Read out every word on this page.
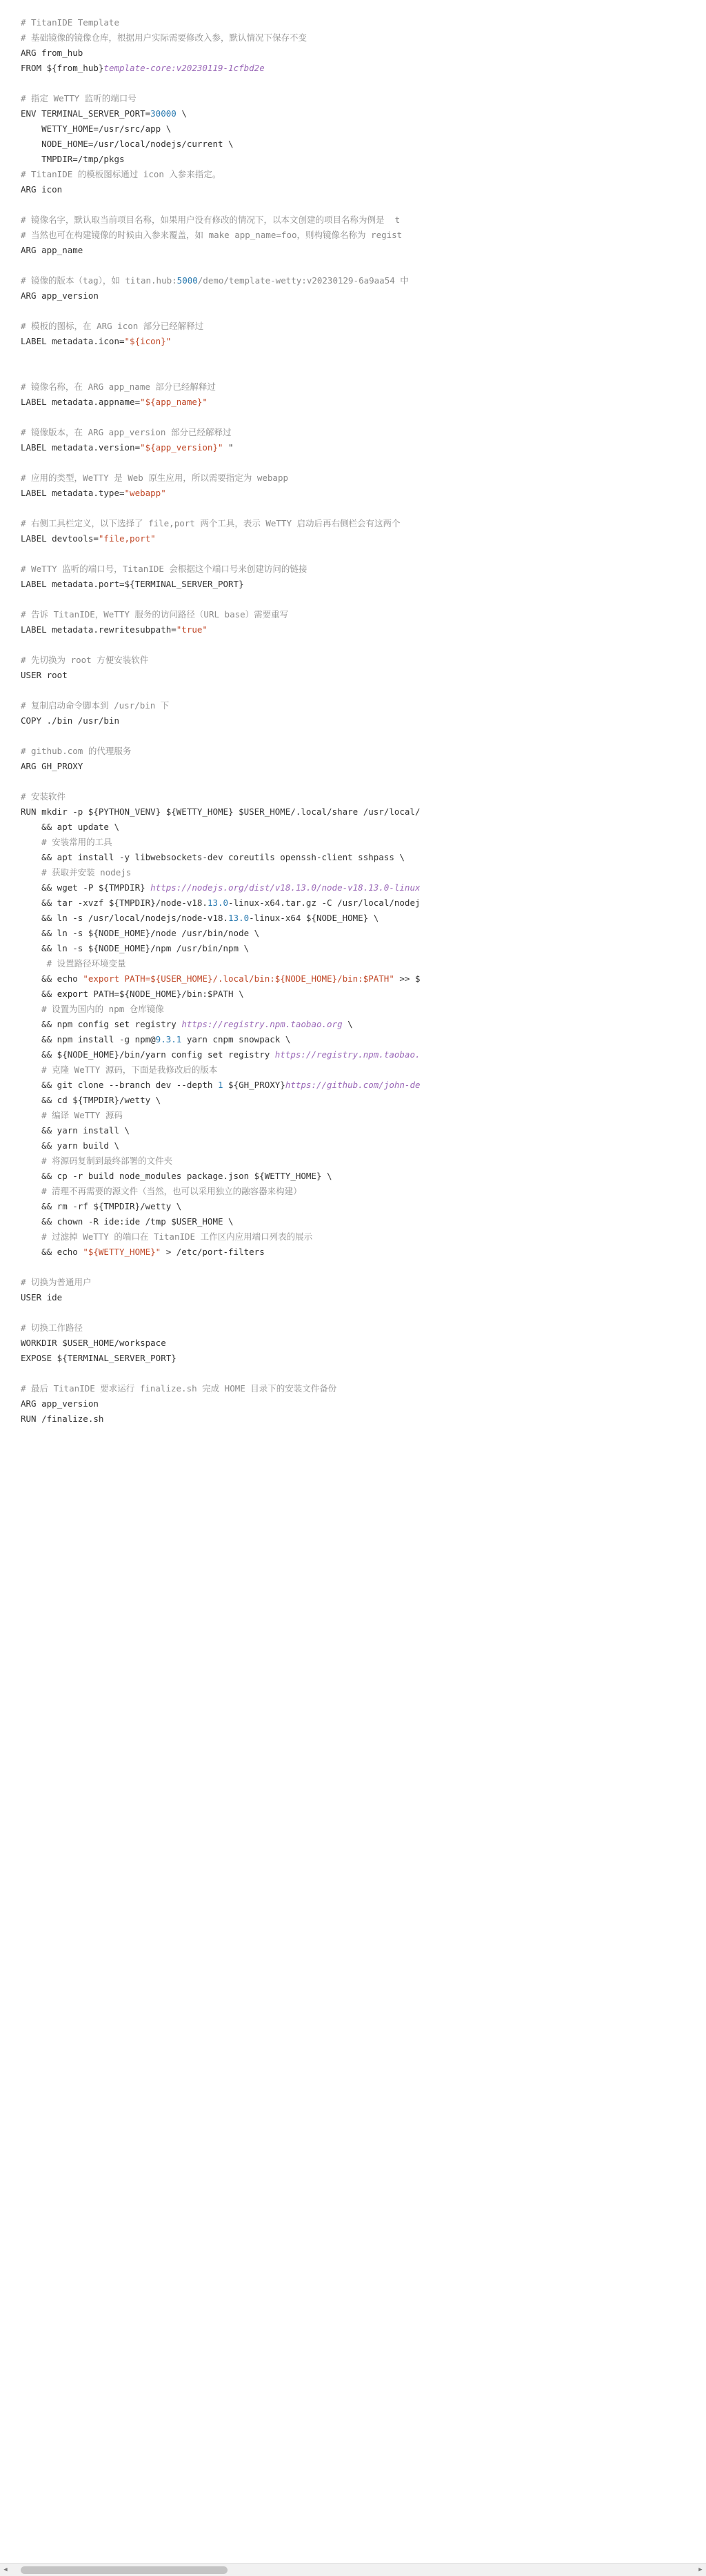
# TitanIDE Template
# 基础镜像的镜像仓库，根据用户实际需要修改入参，默认情况下保存不变
ARG from_hub
FROM ${from_hub}template-core:v20230119-1cfbd2e

# 指定 WeTTY 监听的端口号
ENV TERMINAL_SERVER_PORT=30000 \
WETTY_HOME=/usr/src/app \
NODE_HOME=/usr/local/nodejs/current \
TMPDIR=/tmp/pkgs
# TitanIDE 的模板图标通过 icon 入参来指定。
ARG icon

# 镜像名字，默认取当前项目名称，如果用户没有修改的情况下，以本文创建的项目名称为例是  t
# 当然也可在构建镜像的时候由入参来覆盖，如 make app_name=foo，则构镜像名称为 regist
ARG app_name

# 镜像的版本（tag），如 titan.hub:5000/demo/template-wetty:v20230129-6a9aa54 中
ARG app_version

# 模板的图标，在 ARG icon 部分已经解释过
LABEL metadata.icon="${icon}"

# 镜像名称，在 ARG app_name 部分已经解释过
LABEL metadata.appname="${app_name}"

# 镜像版本，在 ARG app_version 部分已经解释过
LABEL metadata.version="${app_version}" "

# 应用的类型，WeTTY 是 Web 原生应用，所以需要指定为 webapp
LABEL metadata.type="webapp"

# 右侧工具栏定义，以下选择了 file,port 两个工具，表示 WeTTY 启动后再右侧栏会有这两个
LABEL devtools="file,port"

# WeTTY 监听的端口号，TitanIDE 会根据这个端口号来创建访问的链接
LABEL metadata.port=${TERMINAL_SERVER_PORT}

# 告诉 TitanIDE，WeTTY 服务的访问路径（URL base）需要重写
LABEL metadata.rewritesubpath="true"

# 先切换为 root 方便安装软件
USER root

# 复制启动命令脚本到 /usr/bin 下
COPY ./bin /usr/bin

# github.com 的代理服务
ARG GH_PROXY

# 安装软件
RUN mkdir -p ${PYTHON_VENV} ${WETTY_HOME} $USER_HOME/.local/share /usr/local/
&& apt update \
# 安装常用的工具
&& apt install -y libwebsockets-dev coreutils openssh-client sshpass \
# 获取并安装 nodejs
&& wget -P ${TMPDIR} https://nodejs.org/dist/v18.13.0/node-v18.13.0-linux
&& tar -xvzf ${TMPDIR}/node-v18.13.0-linux-x64.tar.gz -C /usr/local/nodej
&& ln -s /usr/local/nodejs/node-v18.13.0-linux-x64 ${NODE_HOME} \
&& ln -s ${NODE_HOME}/node /usr/bin/node \
&& ln -s ${NODE_HOME}/npm /usr/bin/npm \
# 设置路径环境变量
&& echo "export PATH=${USER_HOME}/.local/bin:${NODE_HOME}/bin:$PATH" >> $
&& export PATH=${NODE_HOME}/bin:$PATH \
# 设置为国内的 npm 仓库镜像
&& npm config set registry https://registry.npm.taobao.org \
&& npm install -g npm@9.3.1 yarn cnpm snowpack \
&& ${NODE_HOME}/bin/yarn config set registry https://registry.npm.taobao.
# 克隆 WeTTY 源码，下面是我修改后的版本
&& git clone --branch dev --depth 1 ${GH_PROXY}https://github.com/john-de
&& cd ${TMPDIR}/wetty \
# 编译 WeTTY 源码
&& yarn install \
&& yarn build \
# 将源码复制到最终部署的文件夹
&& cp -r build node_modules package.json ${WETTY_HOME} \
# 清理不再需要的源文件（当然，也可以采用独立的融容器来构建）
&& rm -rf ${TMPDIR}/wetty \
&& chown -R ide:ide /tmp $USER_HOME \
# 过滤掉 WeTTY 的端口在 TitanIDE 工作区内应用端口列表的展示
&& echo "${WETTY_HOME}" > /etc/port-filters

# 切换为普通用户
USER ide

# 切换工作路径
WORKDIR $USER_HOME/workspace
EXPOSE ${TERMINAL_SERVER_PORT}

# 最后 TitanIDE 要求运行 finalize.sh 完成 HOME 目录下的安装文件备份
ARG app_version
RUN /finalize.sh
◀	▶
